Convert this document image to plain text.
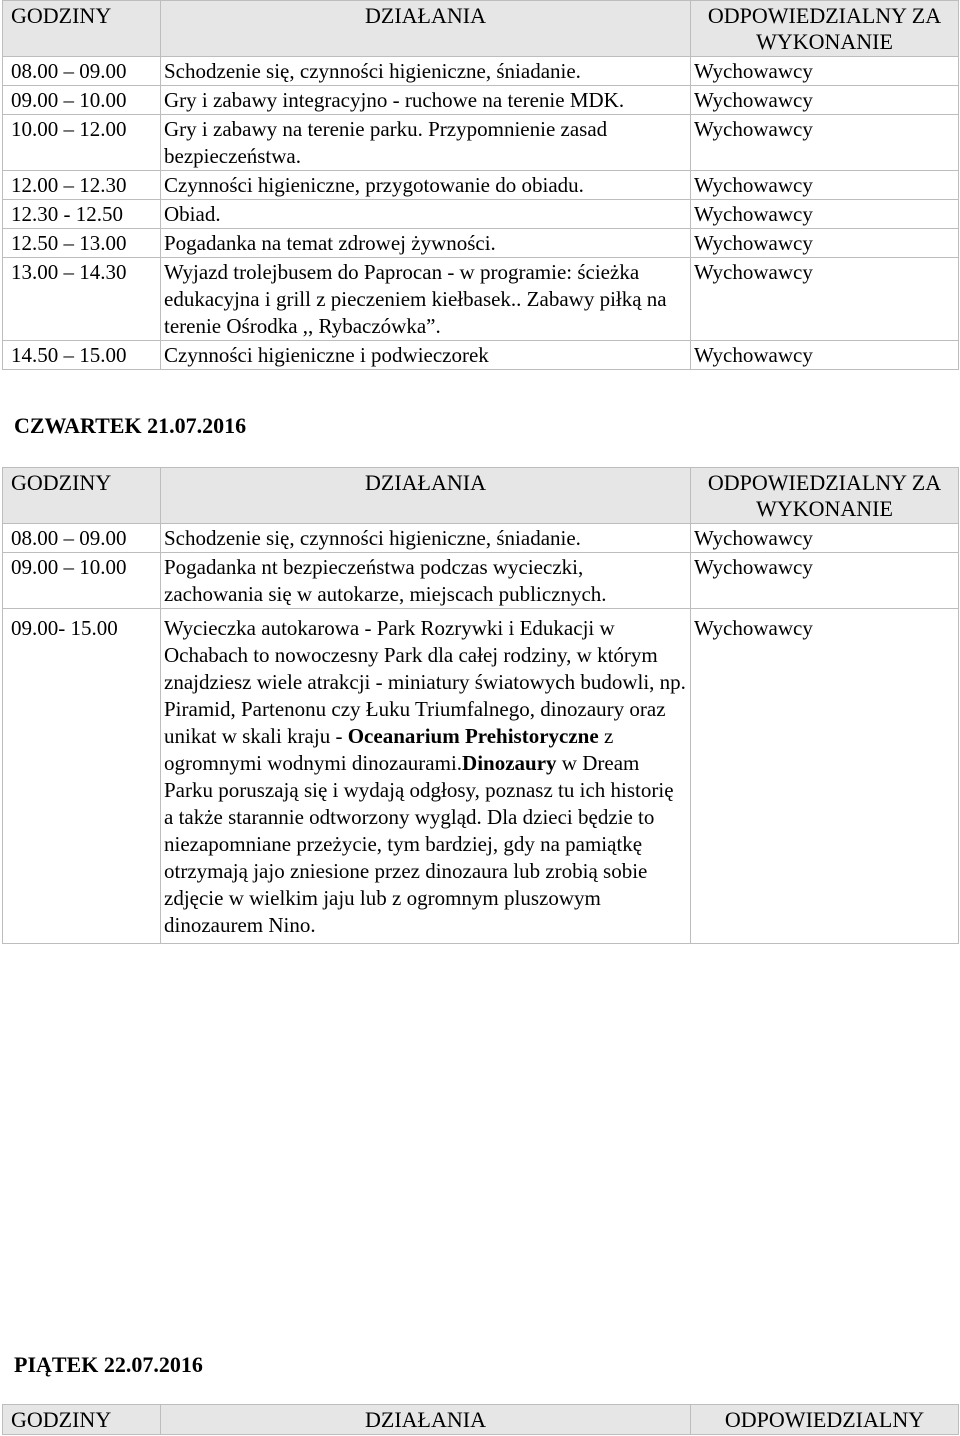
GODZINY	DZIAŁANIA	ODPOWIEDZIALNY ZA WYKONANIE
08.00 – 09.00	Schodzenie się, czynności higieniczne, śniadanie.	Wychowawcy
09.00 – 10.00	Gry i zabawy integracyjno - ruchowe na terenie MDK.	Wychowawcy
10.00 – 12.00	Gry i zabawy na terenie parku. Przypomnienie zasad bezpieczeństwa.	Wychowawcy
12.00 – 12.30	Czynności higieniczne, przygotowanie do obiadu.	Wychowawcy
12.30 - 12.50	Obiad.	Wychowawcy
12.50 – 13.00	Pogadanka na temat zdrowej żywności.	Wychowawcy
13.00 – 14.30	Wyjazd trolejbusem do Paprocan - w programie: ścieżka edukacyjna i grill z pieczeniem kiełbasek.. Zabawy piłką na terenie Ośrodka ,, Rybaczówka”.	Wychowawcy
14.50 – 15.00	Czynności higieniczne i podwieczorek	Wychowawcy
CZWARTEK 21.07.2016
GODZINY	DZIAŁANIA	ODPOWIEDZIALNY ZA WYKONANIE
08.00 – 09.00	Schodzenie się, czynności higieniczne, śniadanie.	Wychowawcy
09.00 – 10.00	Pogadanka nt bezpieczeństwa podczas wycieczki, zachowania się w autokarze, miejscach publicznych.	Wychowawcy
09.00- 15.00	Wycieczka autokarowa - Park Rozrywki i Edukacji w Ochabach to nowoczesny Park dla całej rodziny, w którym znajdziesz wiele atrakcji - miniatury światowych budowli, np. Piramid, Partenonu czy Łuku Triumfalnego, dinozaury oraz unikat w skali kraju - Oceanarium Prehistoryczne z ogromnymi wodnymi dinozaurami.Dinozaury w Dream Parku poruszają się i wydają odgłosy, poznasz tu ich historię a także starannie odtworzony wygląd. Dla dzieci będzie to niezapomniane przeżycie, tym bardziej, gdy na pamiątkę otrzymają jajo zniesione przez dinozaura lub zrobią sobie zdjęcie w wielkim jaju lub z ogromnym pluszowym dinozaurem Nino.	Wychowawcy
PIĄTEK 22.07.2016
GODZINY	DZIAŁANIA	ODPOWIEDZIALNY
